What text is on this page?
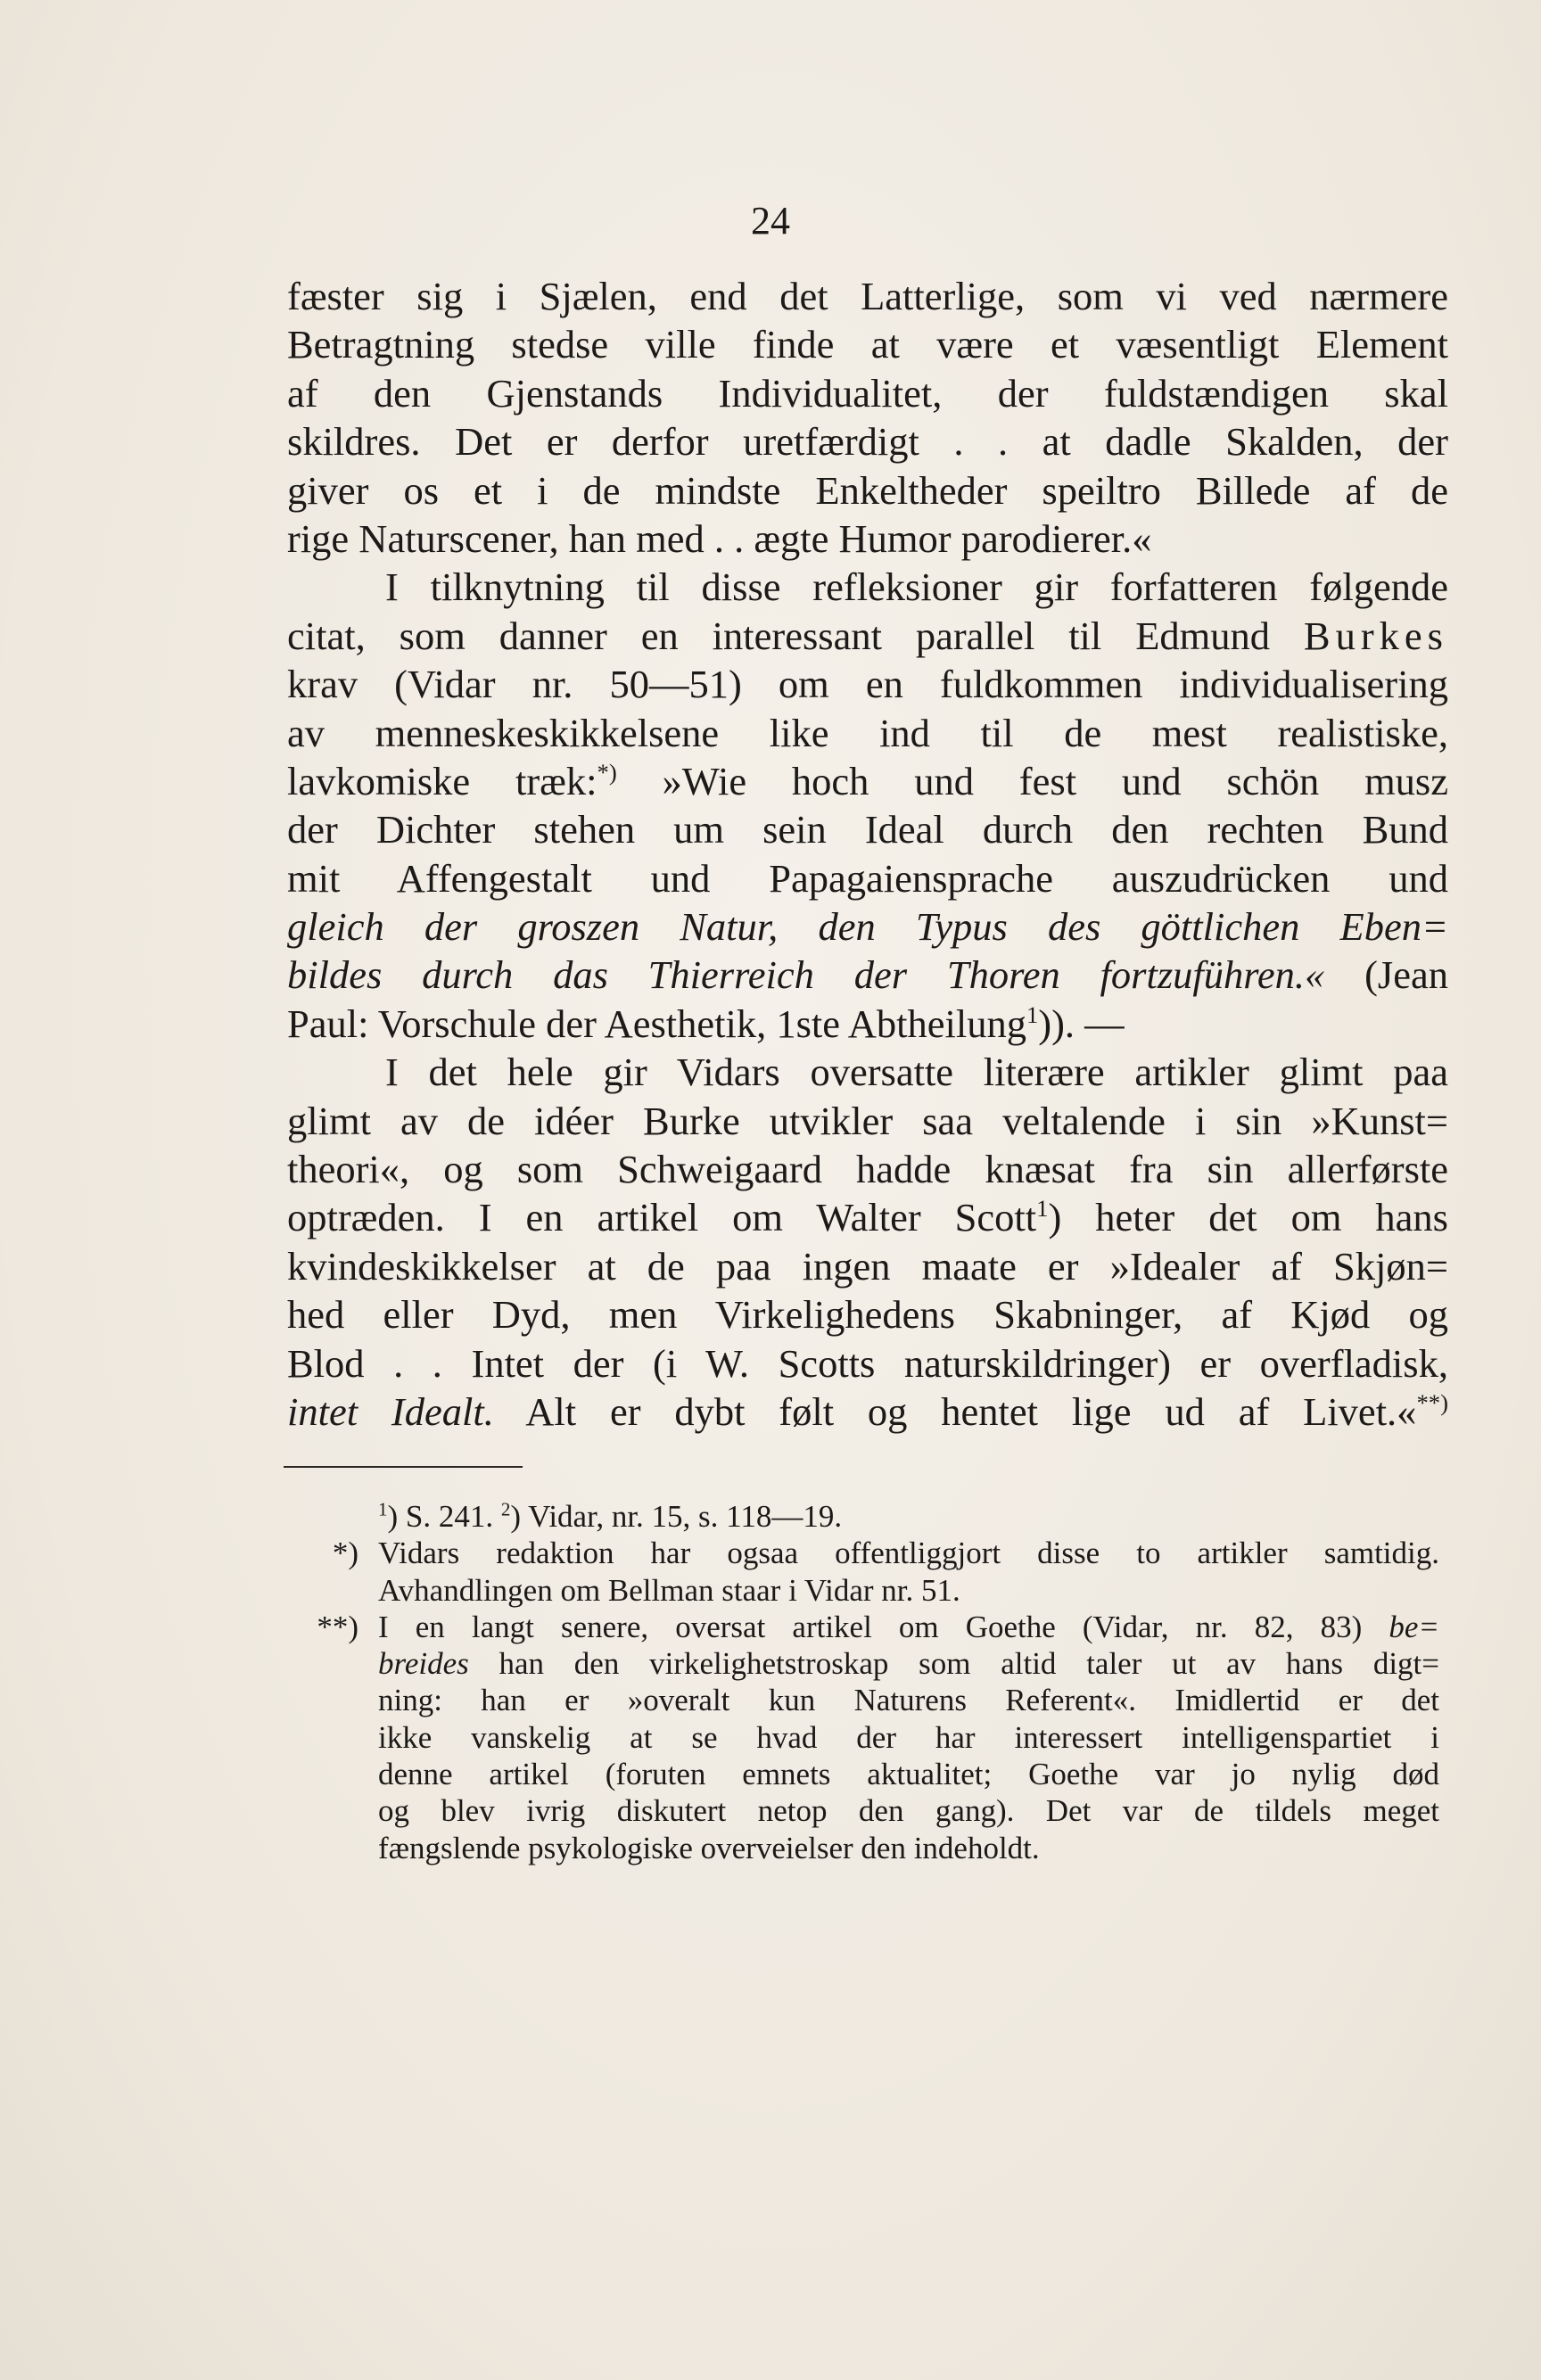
24
fæster sig i Sjælen, end det Latterlige, som vi ved nærmere
Betragtning stedse ville finde at være et væsentligt Element
af den Gjenstands Individualitet, der fuldstændigen skal
skildres. Det er derfor uretfærdigt . . at dadle Skalden, der
giver os et i de mindste Enkeltheder speiltro Billede af de
rige Naturscener, han med . . ægte Humor parodierer.«
I tilknytning til disse refleksioner gir forfatteren følgende
citat, som danner en interessant parallel til Edmund Burkes
krav (Vidar nr. 50—51) om en fuldkommen individualisering
av menneskeskikkelsene like ind til de mest realistiske,
lavkomiske træk:*) »Wie hoch und fest und schön musz
der Dichter stehen um sein Ideal durch den rechten Bund
mit Affengestalt und Papagaiensprache auszudrücken und
gleich der groszen Natur, den Typus des göttlichen Eben=
bildes durch das Thierreich der Thoren fortzuführen.« (Jean
Paul: Vorschule der Aesthetik, 1ste Abtheilung$^1$)). —
I det hele gir Vidars oversatte literære artikler glimt paa
glimt av de idéer Burke utvikler saa veltalende i sin »Kunst=
theori«, og som Schweigaard hadde knæsat fra sin allerførste
optræden. I en artikel om Walter Scott$^1$) heter det om hans
kvindeskikkelser at de paa ingen maate er »Idealer af Skjøn=
hed eller Dyd, men Virkelighedens Skabninger, af Kjød og
Blod . . Intet der (i W. Scotts naturskildringer) er overfladisk,
intet Idealt. Alt er dybt følt og hentet lige ud af Livet.«**)
$^1$) S. 241. $^2$) Vidar, nr. 15, s. 118—19.
*) Vidars redaktion har ogsaa offentliggjort disse to artikler samtidig.
Avhandlingen om Bellman staar i Vidar nr. 51.
**) I en langt senere, oversat artikel om Goethe (Vidar, nr. 82, 83) be=
breides han den virkelighetstroskap som altid taler ut av hans digt=
ning: han er »overalt kun Naturens Referent«. Imidlertid er det
ikke vanskelig at se hvad der har interessert intelligenspartiet i
denne artikel (foruten emnets aktualitet; Goethe var jo nylig død
og blev ivrig diskutert netop den gang). Det var de tildels meget
fængslende psykologiske overveielser den indeholdt.
